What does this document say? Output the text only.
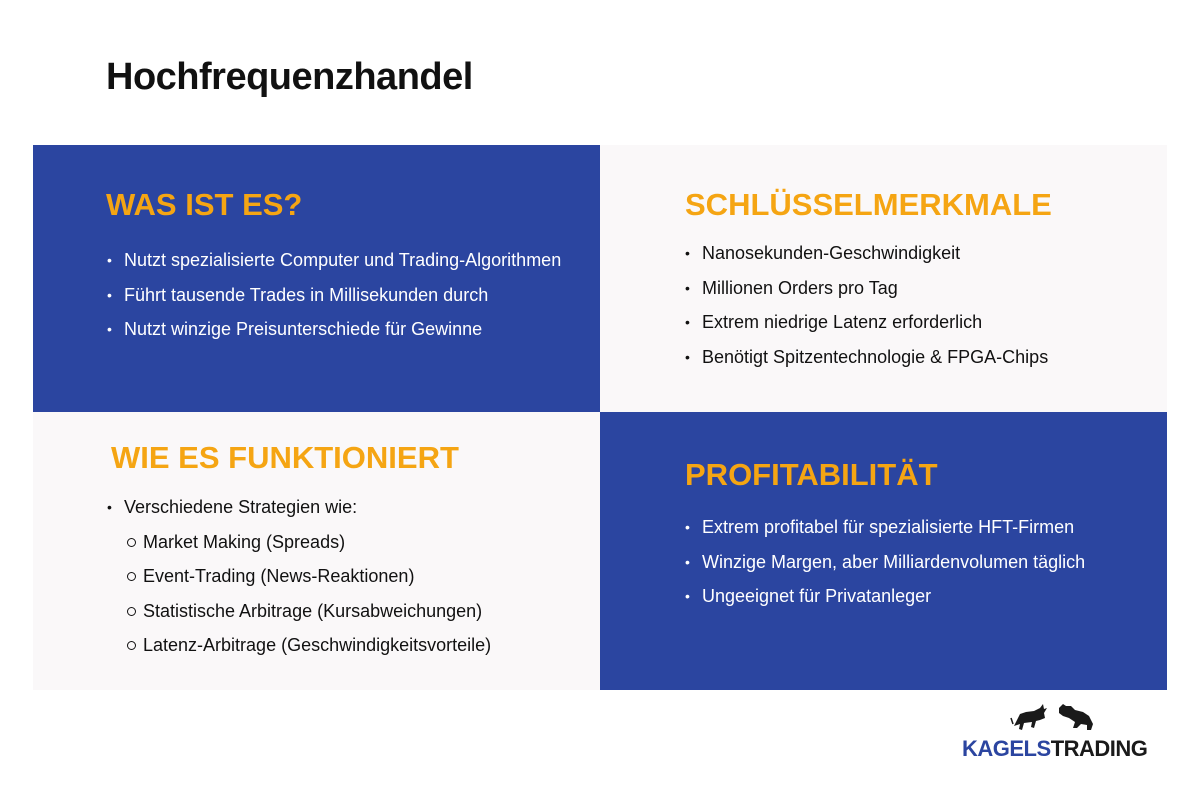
Hochfrequenzhandel
WAS IST ES?
• Nutzt spezialisierte Computer und Trading-Algorithmen
• Führt tausende Trades in Millisekunden durch
• Nutzt winzige Preisunterschiede für Gewinne
SCHLÜSSELMERKMALE
• Nanosekunden-Geschwindigkeit
• Millionen Orders pro Tag
• Extrem niedrige Latenz erforderlich
• Benötigt Spitzentechnologie & FPGA-Chips
WIE ES FUNKTIONIERT
• Verschiedene Strategien wie:
Market Making (Spreads)
Event-Trading (News-Reaktionen)
Statistische Arbitrage (Kursabweichungen)
Latenz-Arbitrage (Geschwindigkeitsvorteile)
PROFITABILITÄT
• Extrem profitabel für spezialisierte HFT-Firmen
• Winzige Margen, aber Milliardenvolumen täglich
• Ungeeignet für Privatanleger
KAGELSTRADING
